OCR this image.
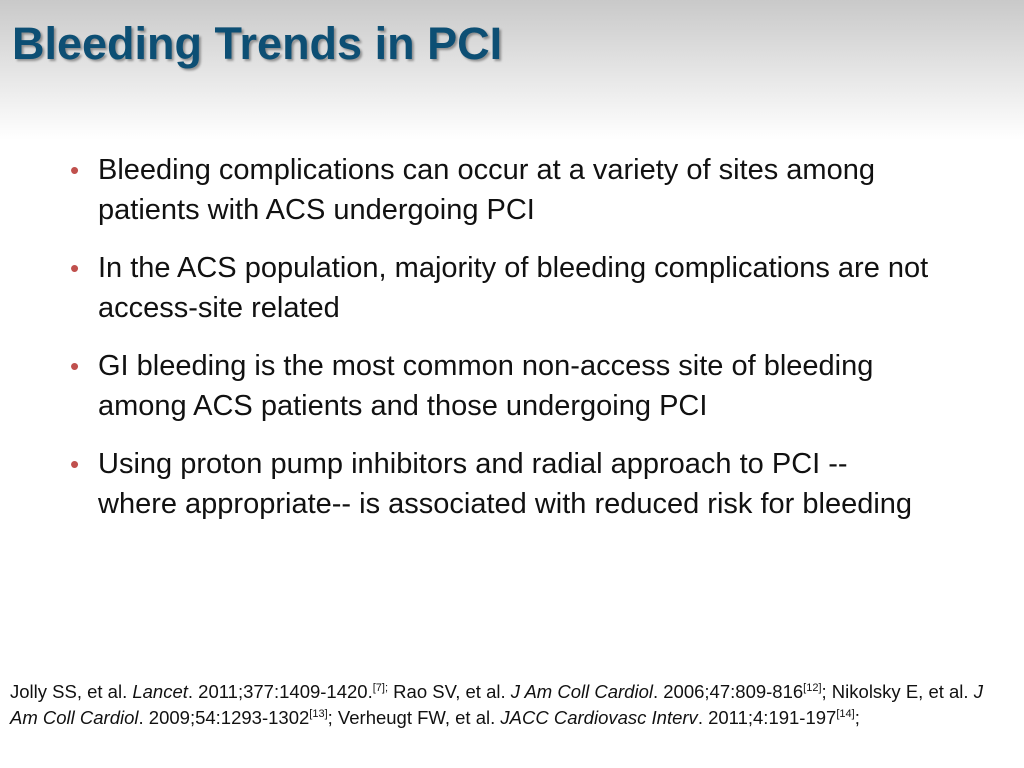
Bleeding Trends in PCI
• Bleeding complications can occur at a variety of sites among patients with ACS undergoing PCI
• In the ACS population, majority of bleeding complications are not access-site related
• GI bleeding is the most common non-access site of bleeding among ACS patients and those undergoing PCI
• Using proton pump inhibitors and radial approach to PCI -- where appropriate-- is associated with reduced risk for bleeding

Jolly SS, et al. Lancet. 2011;377:1409-1420.$^{[7];}$ Rao SV, et al. J Am Coll Cardiol. 2006;47:809-816[12]; Nikolsky E, et al. J Am Coll Cardiol. 2009;54:1293-1302[13]; Verheugt FW, et al. JACC Cardiovasc Interv. 2011;4:191-197[14];
